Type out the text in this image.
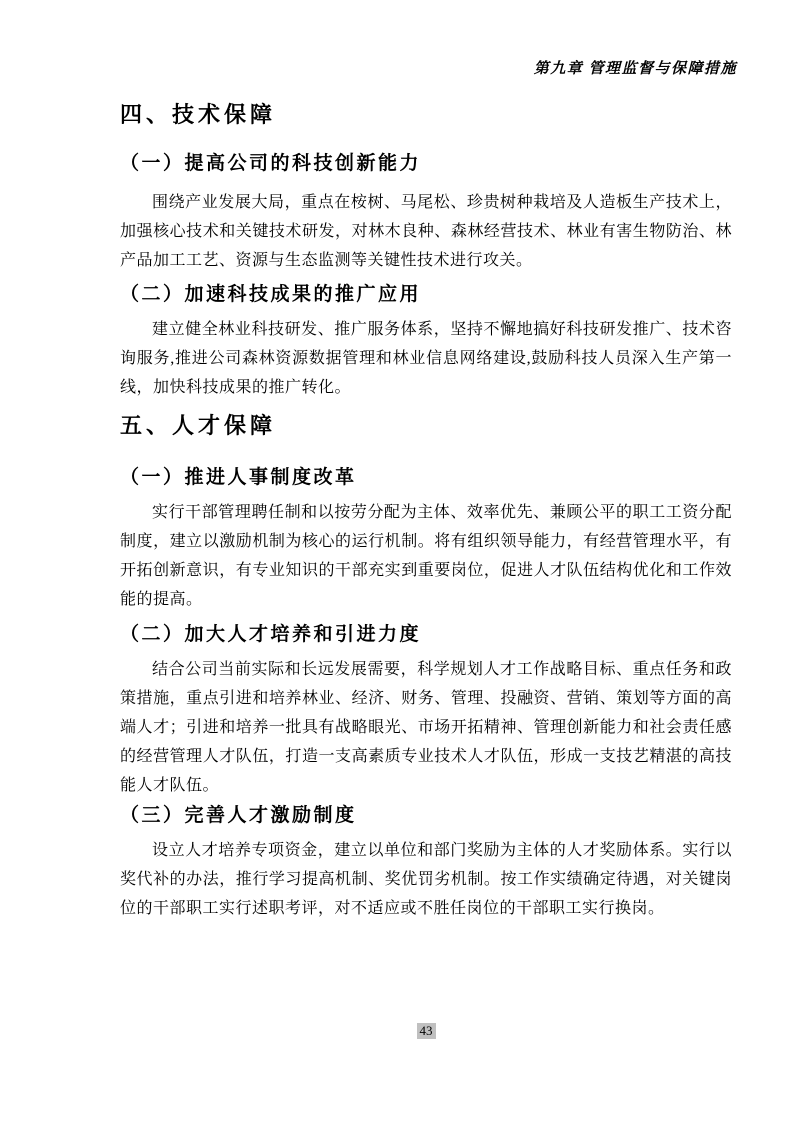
第九章 管理监督与保障措施
四、技术保障
（一）提高公司的科技创新能力

围绕产业发展大局，重点在桉树、马尾松、珍贵树种栽培及人造板生产技术上，加强核心技术和关键技术研发，对林木良种、森林经营技术、林业有害生物防治、林产品加工工艺、资源与生态监测等关键性技术进行攻关。

（二）加速科技成果的推广应用

建立健全林业科技研发、推广服务体系，坚持不懈地搞好科技研发推广、技术咨询服务,推进公司森林资源数据管理和林业信息网络建设,鼓励科技人员深入生产第一线，加快科技成果的推广转化。

五、人才保障
（一）推进人事制度改革

实行干部管理聘任制和以按劳分配为主体、效率优先、兼顾公平的职工工资分配制度，建立以激励机制为核心的运行机制。将有组织领导能力，有经营管理水平，有开拓创新意识，有专业知识的干部充实到重要岗位，促进人才队伍结构优化和工作效能的提高。

（二）加大人才培养和引进力度

结合公司当前实际和长远发展需要，科学规划人才工作战略目标、重点任务和政策措施，重点引进和培养林业、经济、财务、管理、投融资、营销、策划等方面的高端人才；引进和培养一批具有战略眼光、市场开拓精神、管理创新能力和社会责任感的经营管理人才队伍，打造一支高素质专业技术人才队伍，形成一支技艺精湛的高技能人才队伍。

（三）完善人才激励制度

设立人才培养专项资金，建立以单位和部门奖励为主体的人才奖励体系。实行以奖代补的办法，推行学习提高机制、奖优罚劣机制。按工作实绩确定待遇，对关键岗位的干部职工实行述职考评，对不适应或不胜任岗位的干部职工实行换岗。

43
